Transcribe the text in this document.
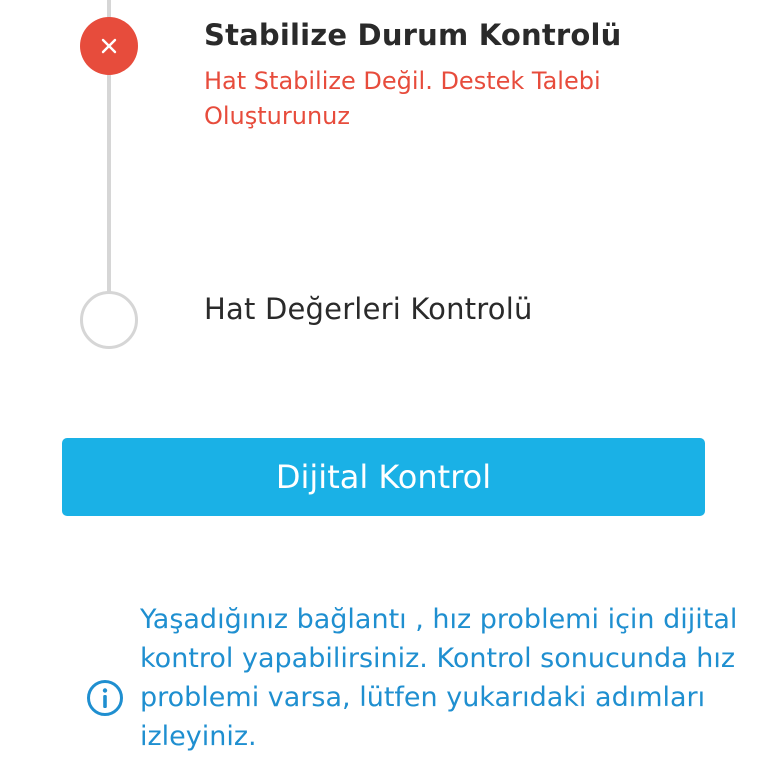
Stabilize Durum Kontrolü
Hat Stabilize Değil. Destek Talebi Oluşturunuz
Hat Değerleri Kontrolü
Dijital Kontrol
Yaşadığınız bağlantı , hız problemi için dijital kontrol yapabilirsiniz. Kontrol sonucunda hız problemi varsa, lütfen yukarıdaki adımları izleyiniz.
